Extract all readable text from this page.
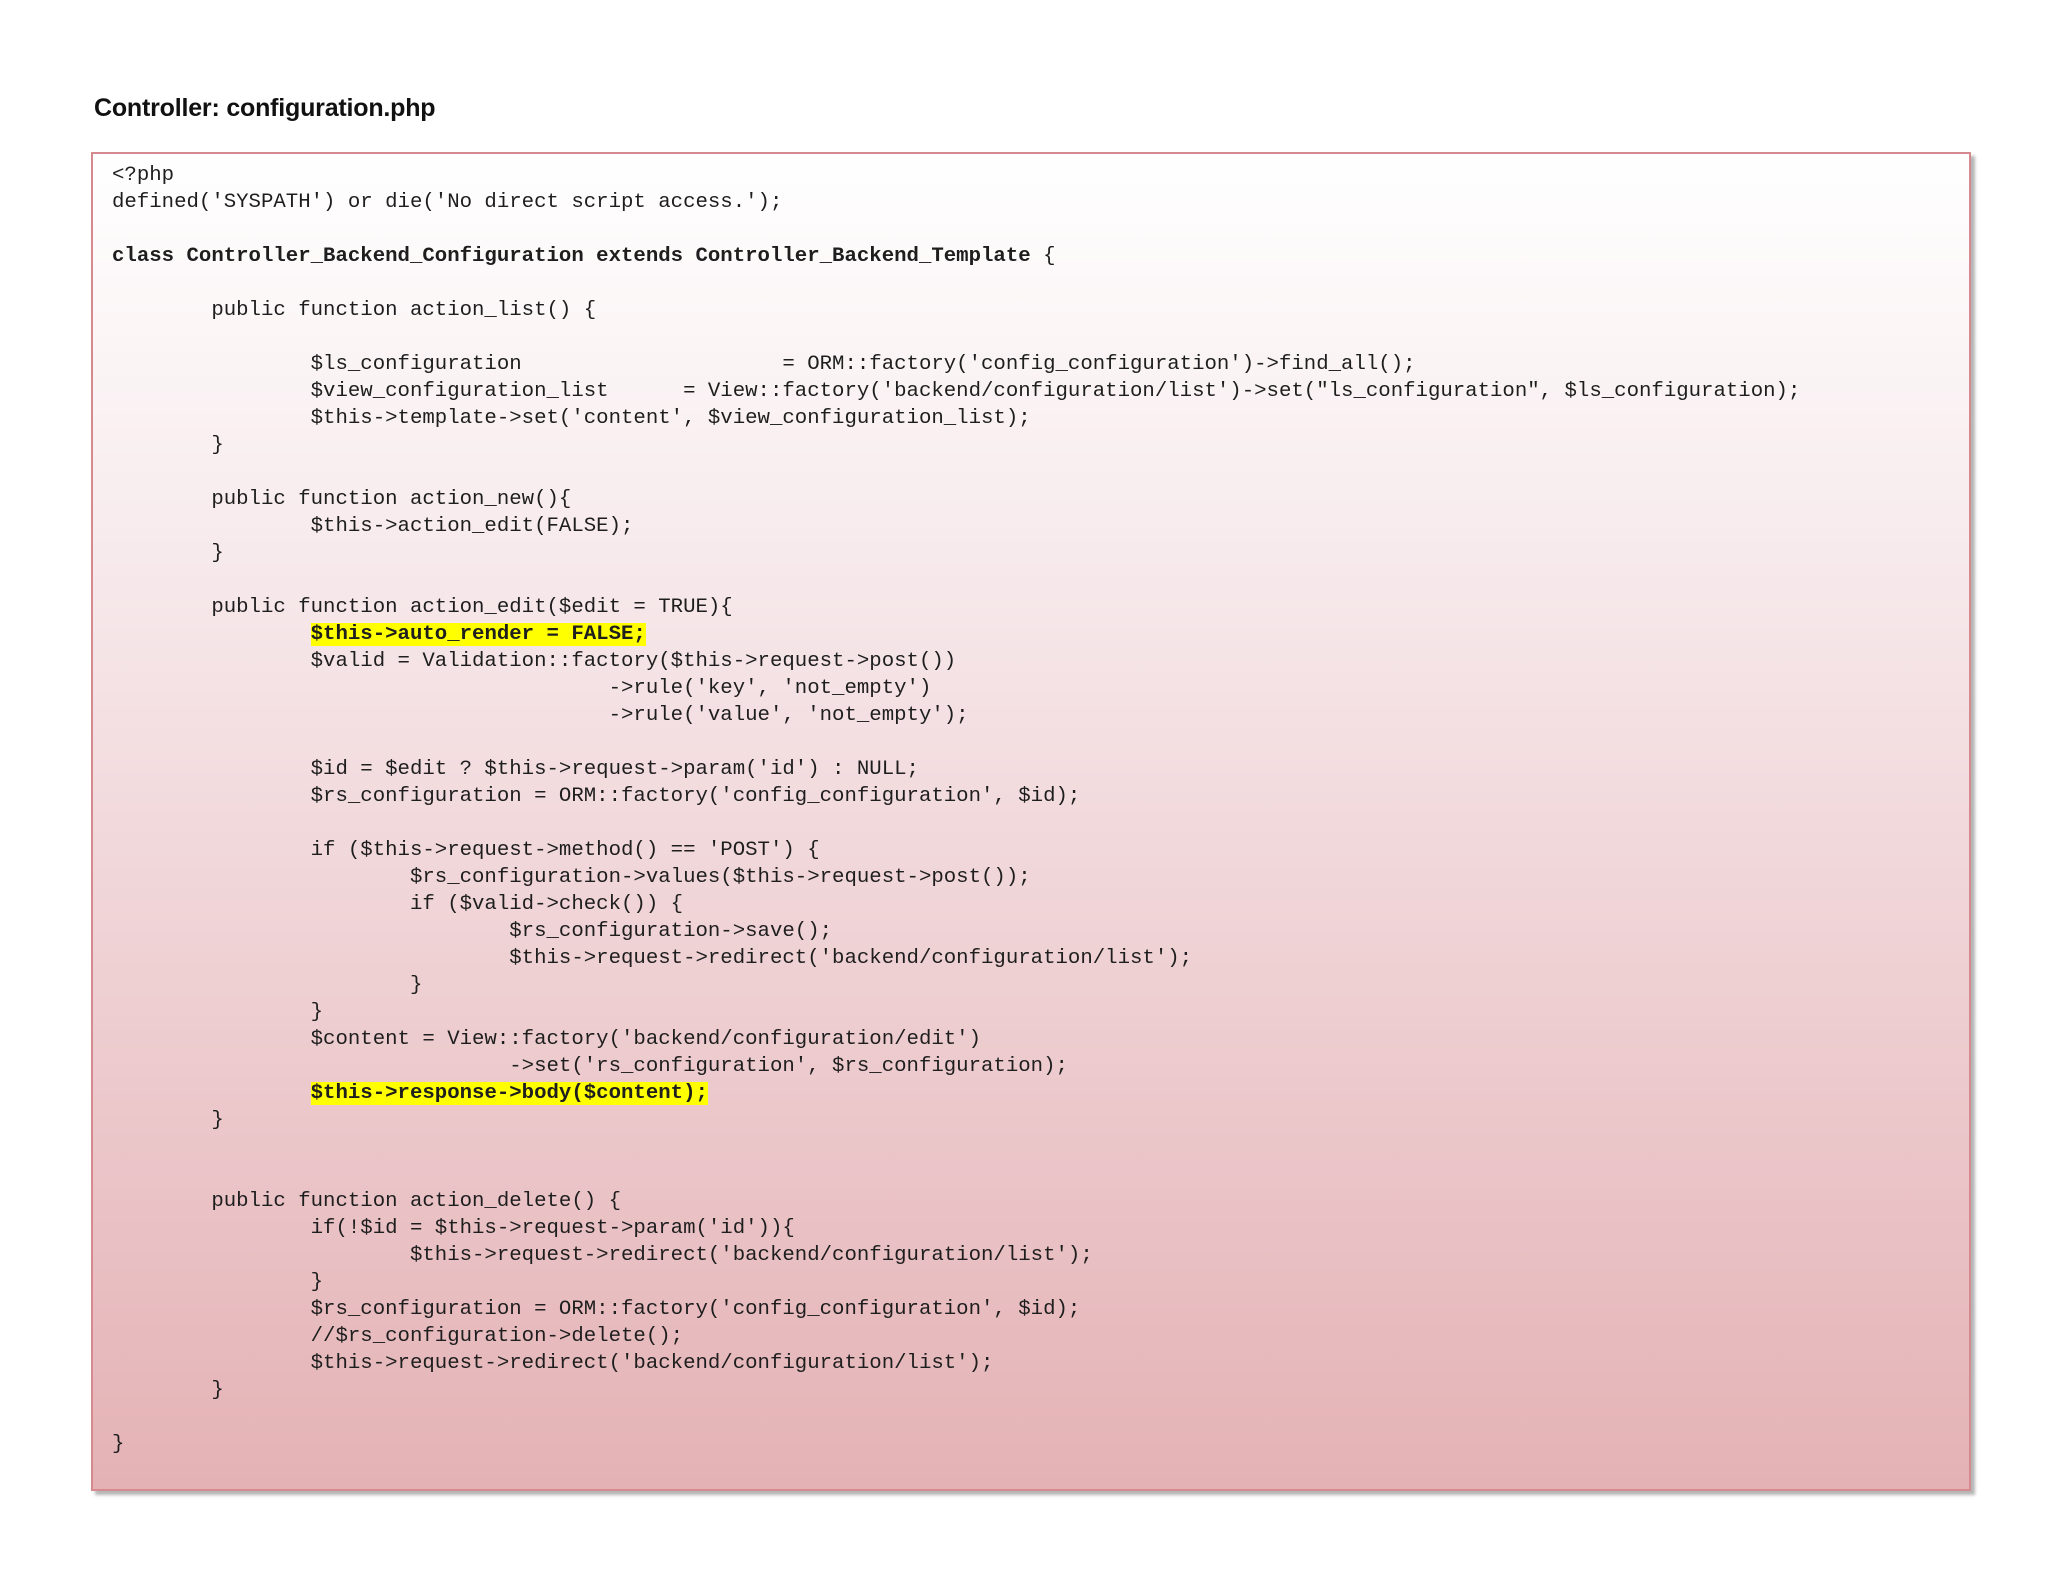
Controller: configuration.php
<?php
defined('SYSPATH') or die('No direct script access.');
class Controller_Backend_Configuration extends Controller_Backend_Template {
public function action_list() {
$ls_configuration                     = ORM::factory('config_configuration')->find_all();
$view_configuration_list      = View::factory('backend/configuration/list')->set("ls_configuration", $ls_configuration);
$this->template->set('content', $view_configuration_list);
}
public function action_new(){
$this->action_edit(FALSE);
}
public function action_edit($edit = TRUE){
$this->auto_render = FALSE;
$valid = Validation::factory($this->request->post())
->rule('key', 'not_empty')
->rule('value', 'not_empty');
$id = $edit ? $this->request->param('id') : NULL;
$rs_configuration = ORM::factory('config_configuration', $id);
if ($this->request->method() == 'POST') {
$rs_configuration->values($this->request->post());
if ($valid->check()) {
$rs_configuration->save();
$this->request->redirect('backend/configuration/list');
}
}
$content = View::factory('backend/configuration/edit')
->set('rs_configuration', $rs_configuration);
$this->response->body($content);
}
public function action_delete() {
if(!$id = $this->request->param('id')){
$this->request->redirect('backend/configuration/list');
}
$rs_configuration = ORM::factory('config_configuration', $id);
//$rs_configuration->delete();
$this->request->redirect('backend/configuration/list');
}
}
